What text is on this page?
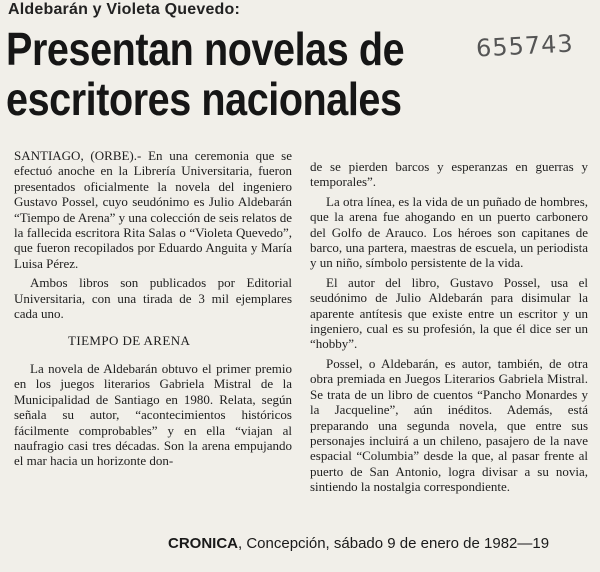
Aldebarán y Violeta Quevedo:
655743
Presentan novelas de escritores nacionales

SANTIAGO, (ORBE).- En una ceremonia que se efectuó anoche en la Librería Universitaria, fueron presentados oficialmente la novela del ingeniero Gustavo Possel, cuyo seudónimo es Julio Aldebarán “Tiempo de Arena” y una colección de seis relatos de la fallecida escritora Rita Salas o “Violeta Quevedo”, que fueron recopilados por Eduardo Anguita y María Luisa Pérez.

Ambos libros son publicados por Editorial Universitaria, con una tirada de 3 mil ejemplares cada uno.

TIEMPO DE ARENA

La novela de Aldebarán obtuvo el primer premio en los juegos literarios Gabriela Mistral de la Municipalidad de Santiago en 1980. Relata, según señala su autor, “acontecimientos históricos fácilmente comprobables” y en ella “viajan al naufragio casi tres décadas. Son la arena empujando el mar hacia un horizonte don-

de se pierden barcos y esperanzas en guerras y temporales”.

La otra línea, es la vida de un puñado de hombres, que la arena fue ahogando en un puerto carbonero del Golfo de Arauco. Los héroes son capitanes de barco, una partera, maestras de escuela, un periodista y un niño, símbolo persistente de la vida.

El autor del libro, Gustavo Possel, usa el seudónimo de Julio Aldebarán para disimular la aparente antítesis que existe entre un escritor y un ingeniero, cual es su profesión, la que él dice ser un “hobby”.

Possel, o Aldebarán, es autor, también, de otra obra premiada en Juegos Literarios Gabriela Mistral. Se trata de un libro de cuentos “Pancho Monardes y la Jacqueline”, aún inéditos. Además, está preparando una segunda novela, que entre sus personajes incluirá a un chileno, pasajero de la nave espacial “Columbia” desde la que, al pasar frente al puerto de San Antonio, logra divisar a su novia, sintiendo la nostalgia correspondiente.

CRONICA, Concepción, sábado 9 de enero de 1982—19
